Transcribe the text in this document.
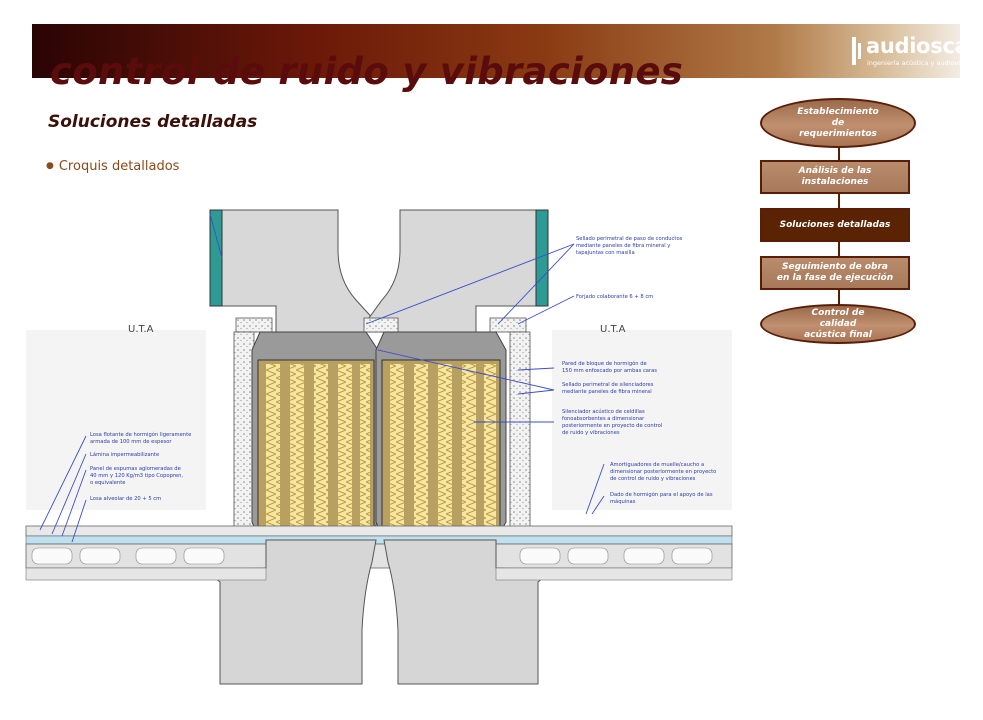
control de ruido y vibraciones
audioscan
ingeniería acústica y audiovisual
Soluciones detalladas
● Croquis detallados
U.T.A	U.T.A
Sellado perimetral de paso de conductos
mediante paneles de fibra mineral y
tapajuntas con masilla
Forjado colaborante 6 + 8 cm
Pared de bloque de hormigón de
150 mm enfoscado por ambas caras
Sellado perimetral de silenciadores
mediante paneles de fibra mineral
Silenciador acústico de celdillas
fonoabsorbentes a dimensionar
posteriormente en proyecto de control
de ruido y vibraciones
Amortiguadores de muelle/caucho a
dimensionar posteriormente en proyecto
de control de ruido y vibraciones
Dado de hormigón para el apoyo de las
máquinas
Losa flotante de hormigón ligeramente
armada de 100 mm de espesor
Lámina impermeabilizante
Panel de espumas aglomeradas de
40 mm y 120 Kg/m3 tipo Copopren,
o equivalente
Losa alveolar de 20 + 5 cm
Establecimiento
de
requerimientos
Análisis de las
instalaciones
Soluciones detalladas
Seguimiento de obra
en la fase de ejecución
Control de
calidad
acústica final
